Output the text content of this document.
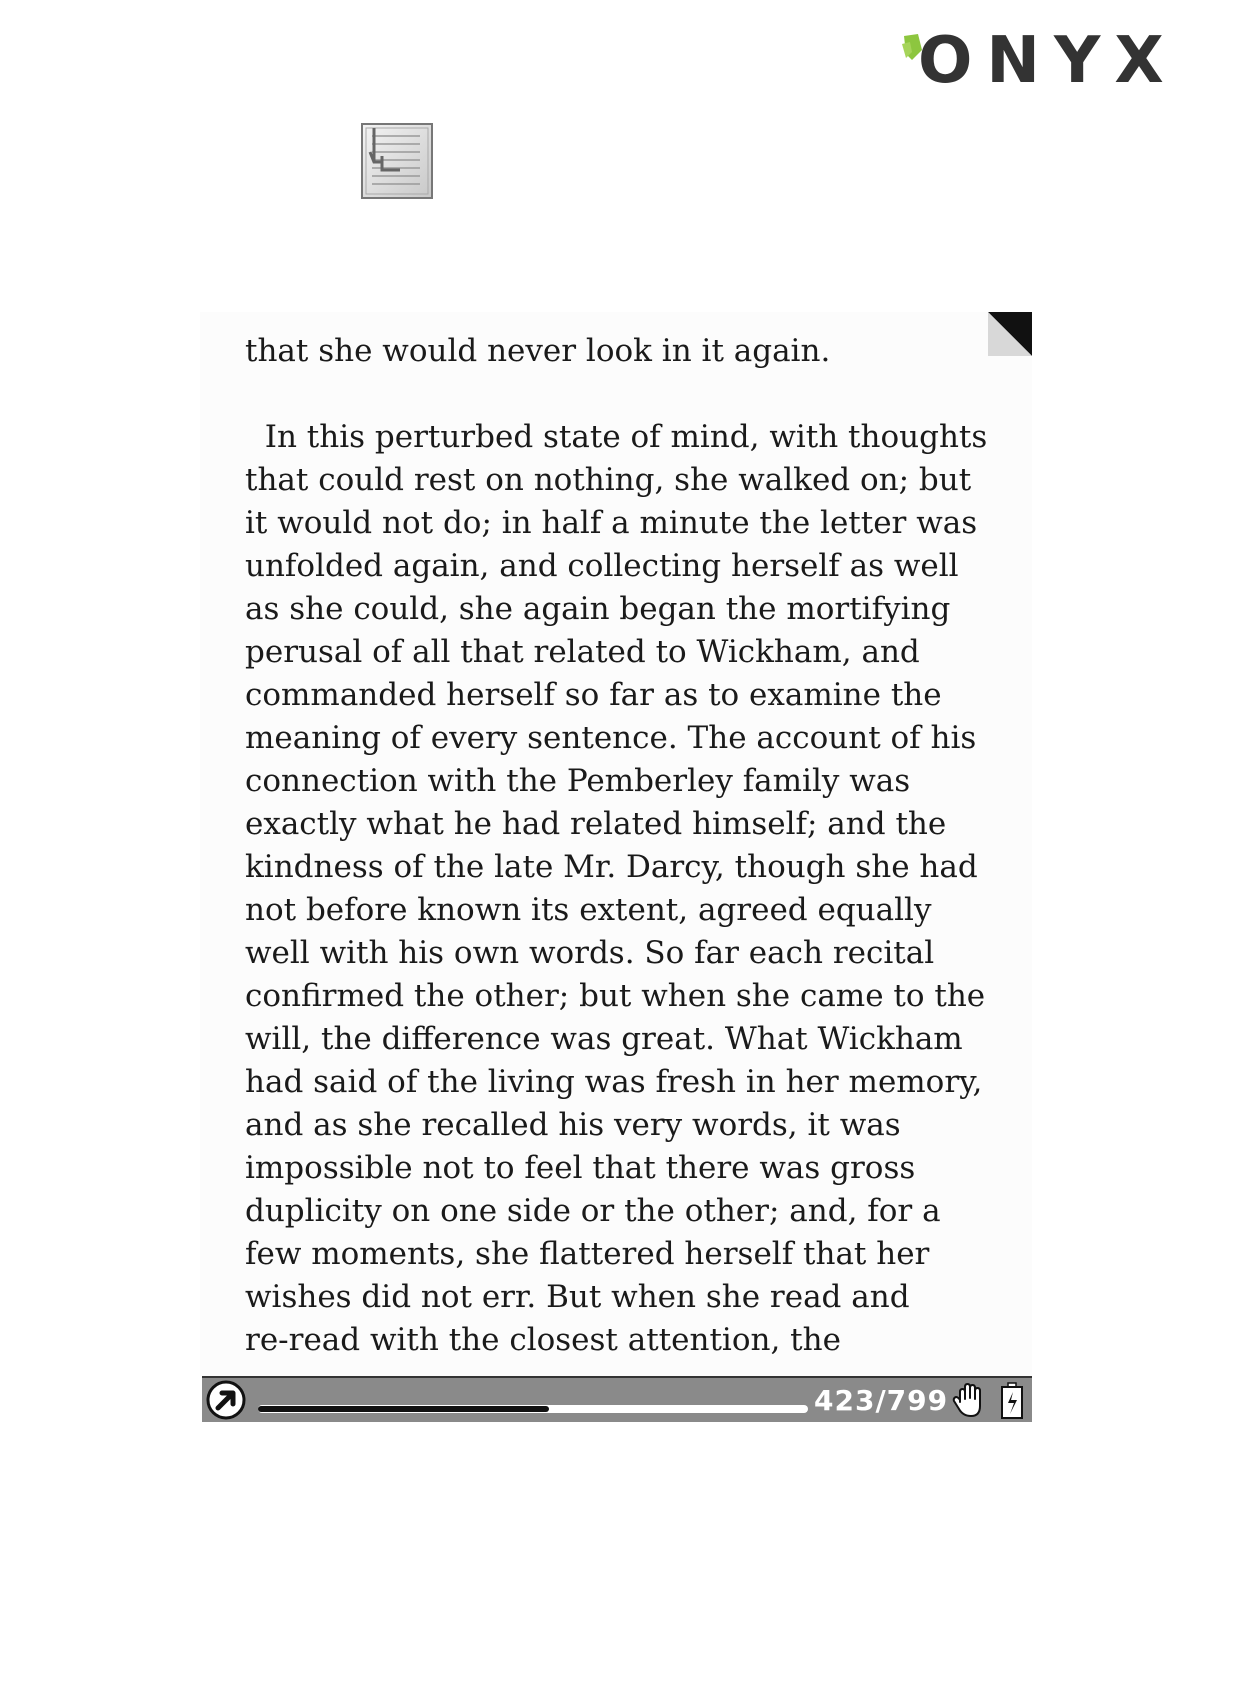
ONYX
that she would never look in it again.
In this perturbed state of mind, with thoughts
that could rest on nothing, she walked on; but
it would not do; in half a minute the letter was
unfolded again, and collecting herself as well
as she could, she again began the mortifying
perusal of all that related to Wickham, and
commanded herself so far as to examine the
meaning of every sentence. The account of his
connection with the Pemberley family was
exactly what he had related himself; and the
kindness of the late Mr. Darcy, though she had
not before known its extent, agreed equally
well with his own words. So far each recital
confirmed the other; but when she came to the
will, the difference was great. What Wickham
had said of the living was fresh in her memory,
and as she recalled his very words, it was
impossible not to feel that there was gross
duplicity on one side or the other; and, for a
few moments, she flattered herself that her
wishes did not err. But when she read and
re-read with the closest attention, the
423/799
